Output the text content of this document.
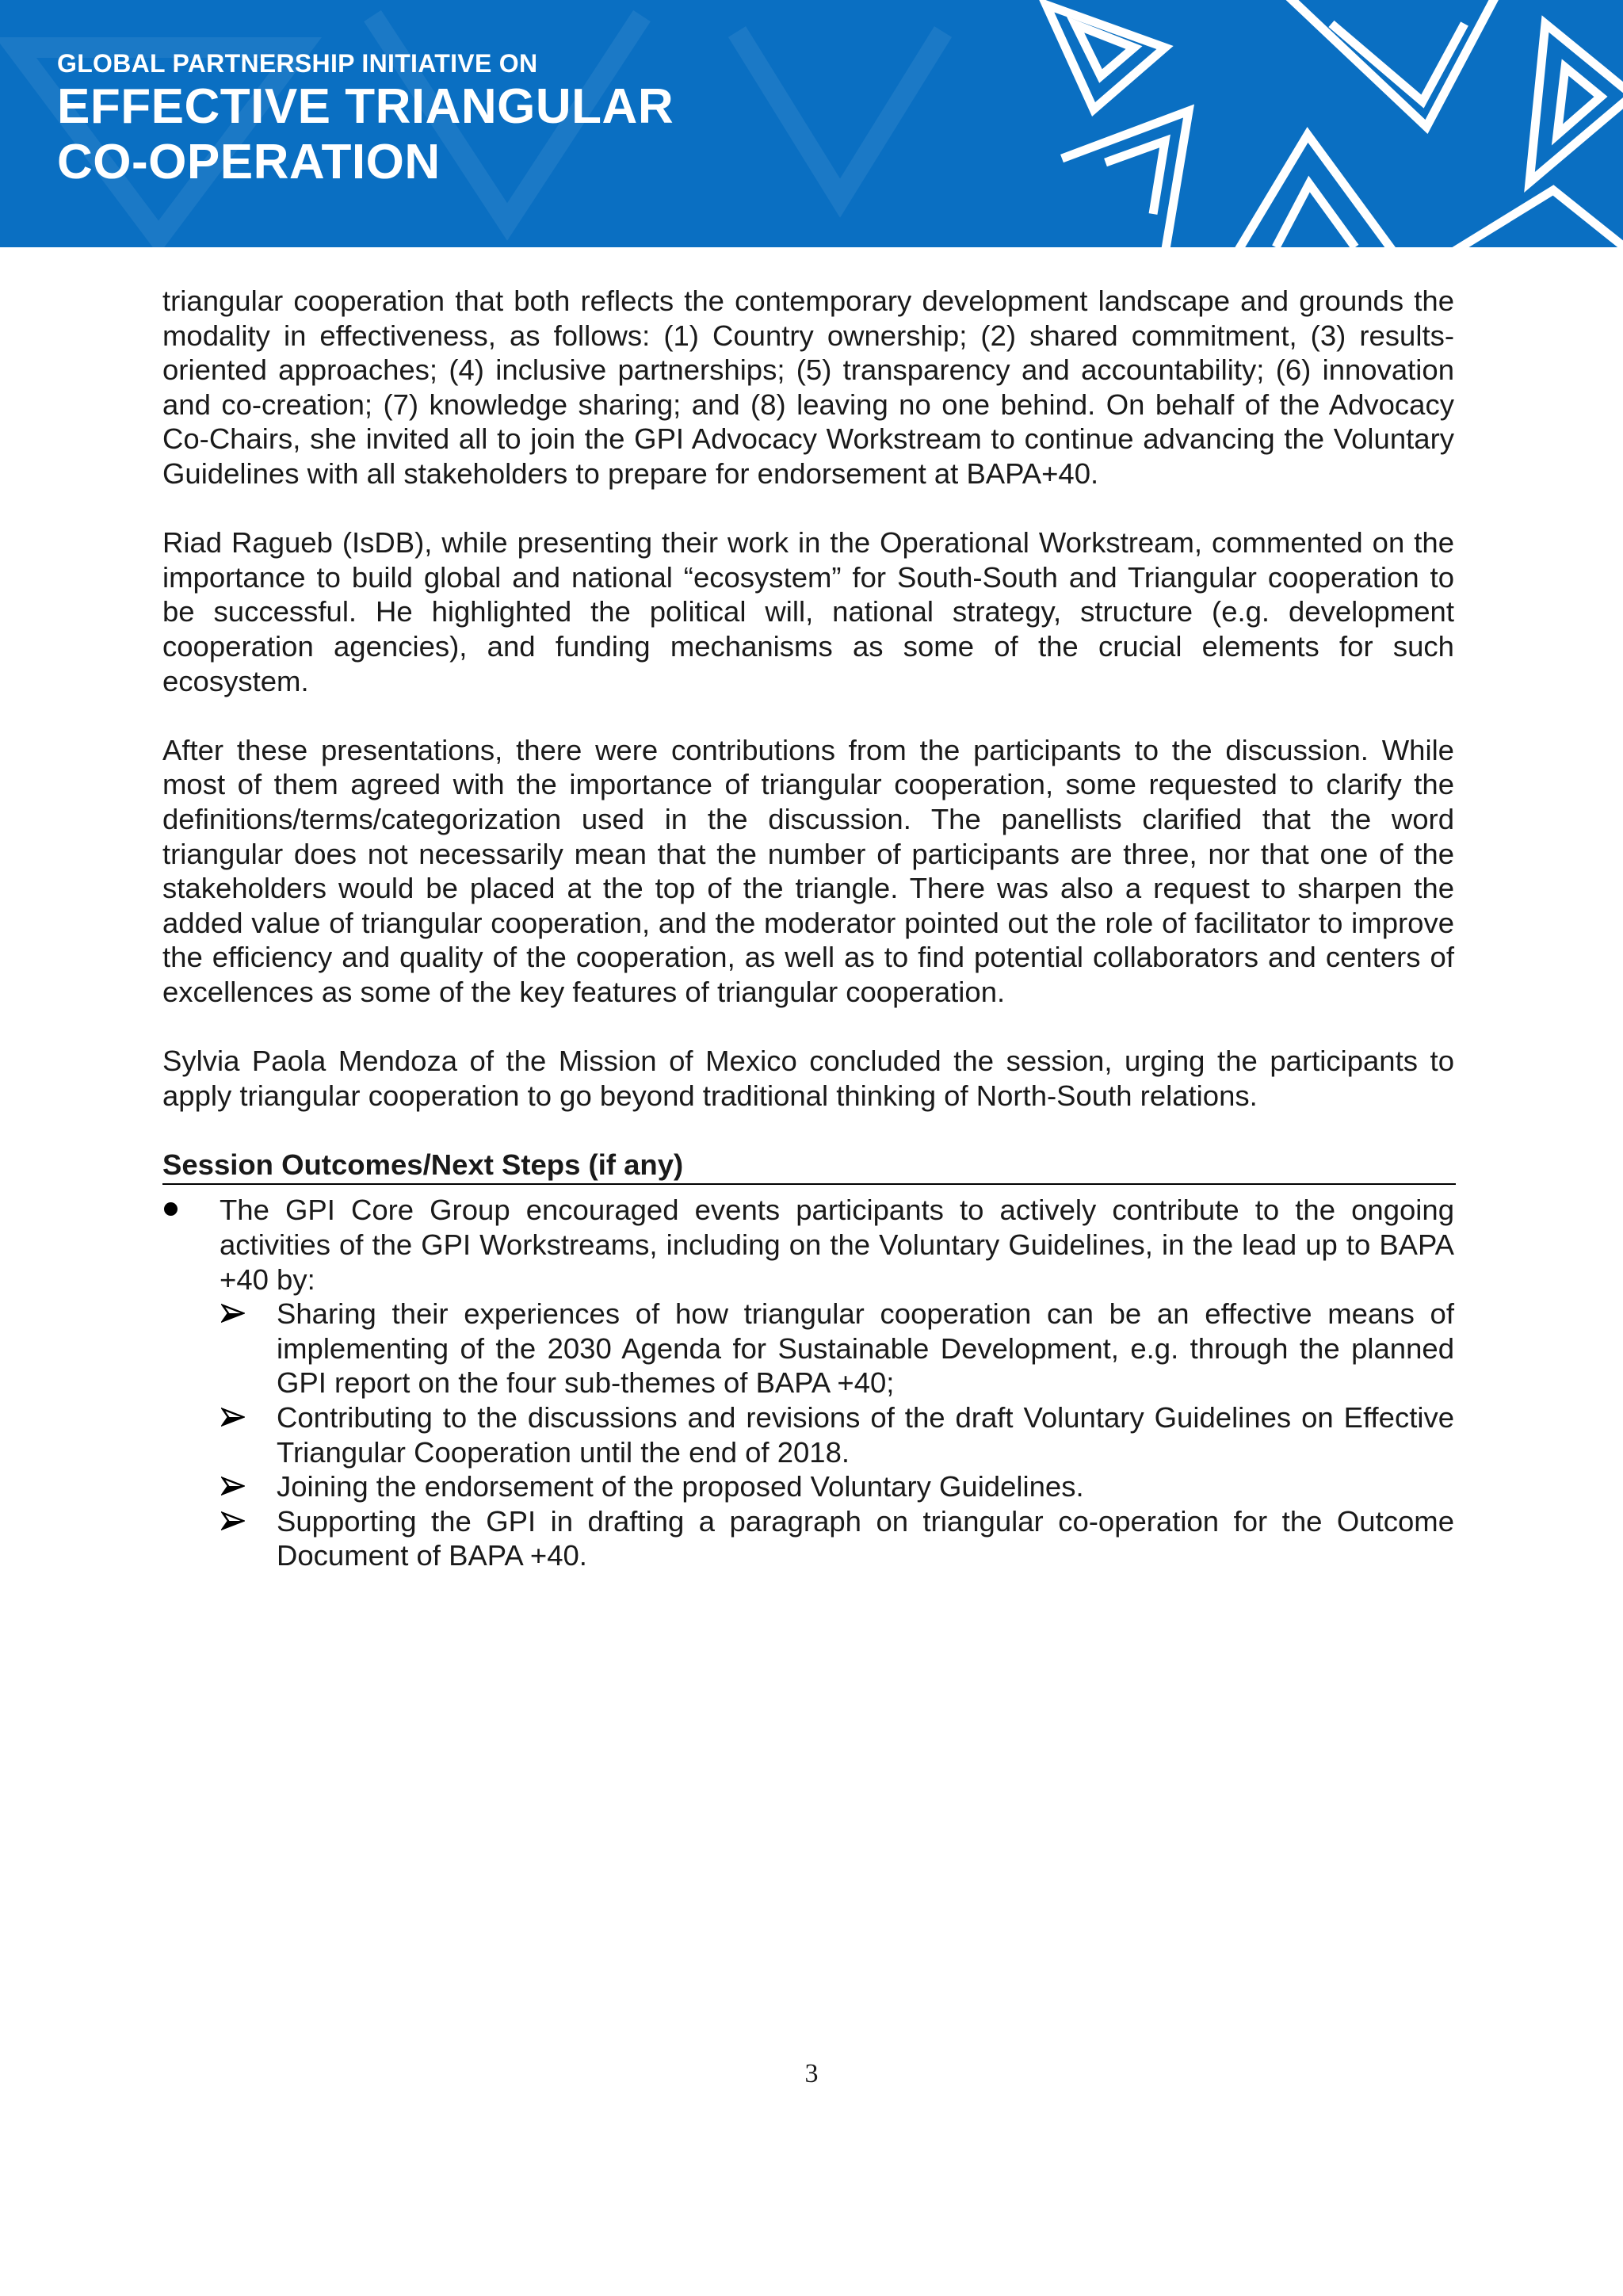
GLOBAL PARTNERSHIP INITIATIVE ON
EFFECTIVE TRIANGULAR
CO-OPERATION

triangular cooperation that both reflects the contemporary development landscape and grounds the modality in effectiveness, as follows: (1) Country ownership; (2) shared commitment, (3) results-oriented approaches; (4) inclusive partnerships; (5) transparency and accountability; (6) innovation and co-creation; (7) knowledge sharing; and (8) leaving no one behind. On behalf of the Advocacy Co-Chairs, she invited all to join the GPI Advocacy Workstream to continue advancing the Voluntary Guidelines with all stakeholders to prepare for endorsement at BAPA+40.

Riad Ragueb (IsDB), while presenting their work in the Operational Workstream, commented on the importance to build global and national “ecosystem” for South-South and Triangular cooperation to be successful. He highlighted the political will, national strategy, structure (e.g. development cooperation agencies), and funding mechanisms as some of the crucial elements for such ecosystem.

After these presentations, there were contributions from the participants to the discussion. While most of them agreed with the importance of triangular cooperation, some requested to clarify the definitions/terms/categorization used in the discussion. The panellists clarified that the word triangular does not necessarily mean that the number of participants are three, nor that one of the stakeholders would be placed at the top of the triangle. There was also a request to sharpen the added value of triangular cooperation, and the moderator pointed out the role of facilitator to improve the efficiency and quality of the cooperation, as well as to find potential collaborators and centers of excellences as some of the key features of triangular cooperation.

Sylvia Paola Mendoza of the Mission of Mexico concluded the session, urging the participants to apply triangular cooperation to go beyond traditional thinking of North-South relations.

Session Outcomes/Next Steps (if any)
The GPI Core Group encouraged events participants to actively contribute to the ongoing activities of the GPI Workstreams, including on the Voluntary Guidelines, in the lead up to BAPA +40 by:
Sharing their experiences of how triangular cooperation can be an effective means of implementing of the 2030 Agenda for Sustainable Development, e.g. through the planned GPI report on the four sub-themes of BAPA +40;
Contributing to the discussions and revisions of the draft Voluntary Guidelines on Effective Triangular Cooperation until the end of 2018.
Joining the endorsement of the proposed Voluntary Guidelines.
Supporting the GPI in drafting a paragraph on triangular co-operation for the Outcome Document of BAPA +40.
3
